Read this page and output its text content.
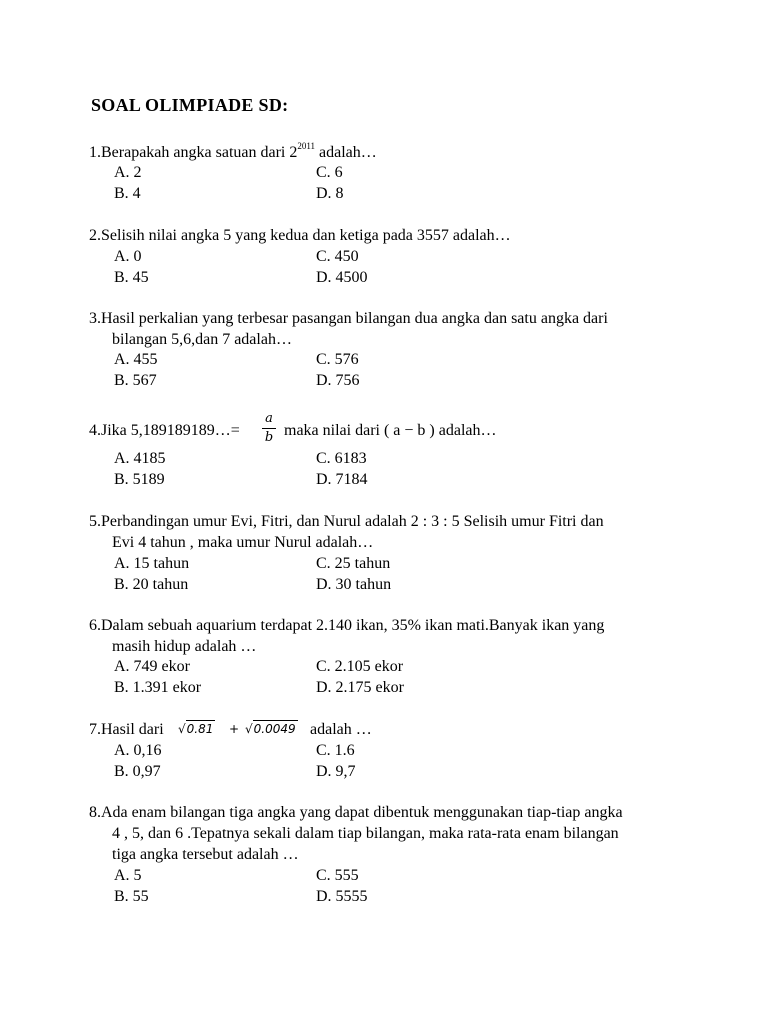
SOAL OLIMPIADE SD:
1.Berapakah angka satuan dari $2^{2011}$ adalah…
A. 2
B. 4
C. 6
D. 8
2.Selisih nilai angka 5 yang kedua dan ketiga pada 3557 adalah…
A. 0
B. 45
C. 450
D. 4500
3.Hasil perkalian yang terbesar pasangan bilangan dua angka dan satu angka dari
bilangan 5,6,dan 7 adalah…
A. 455
B. 567
C. 576
D. 756
4.Jika 5,189189189…=
a
b maka nilai dari ( a − b ) adalah…
A. 4185
B. 5189
C. 6183
D. 7184
5.Perbandingan umur Evi, Fitri, dan Nurul adalah 2 : 3 : 5 Selisih umur Fitri dan
Evi 4 tahun , maka umur Nurul adalah…
A. 15 tahun
B. 20 tahun
C. 25 tahun
D. 30 tahun
6.Dalam sebuah aquarium terdapat 2.140 ikan, 35% ikan mati.Banyak ikan yang
masih hidup adalah …
A. 749 ekor
B. 1.391 ekor
C. 2.105 ekor
D. 2.175 ekor
7.Hasil dari √0.81 + √0.0049 adalah …
A. 0,16
B. 0,97
C. 1.6
D. 9,7
8.Ada enam bilangan tiga angka yang dapat dibentuk menggunakan tiap-tiap angka
4 , 5, dan 6 .Tepatnya sekali dalam tiap bilangan, maka rata-rata enam bilangan
tiga angka tersebut adalah …
A. 5
B. 55
C. 555
D. 5555
